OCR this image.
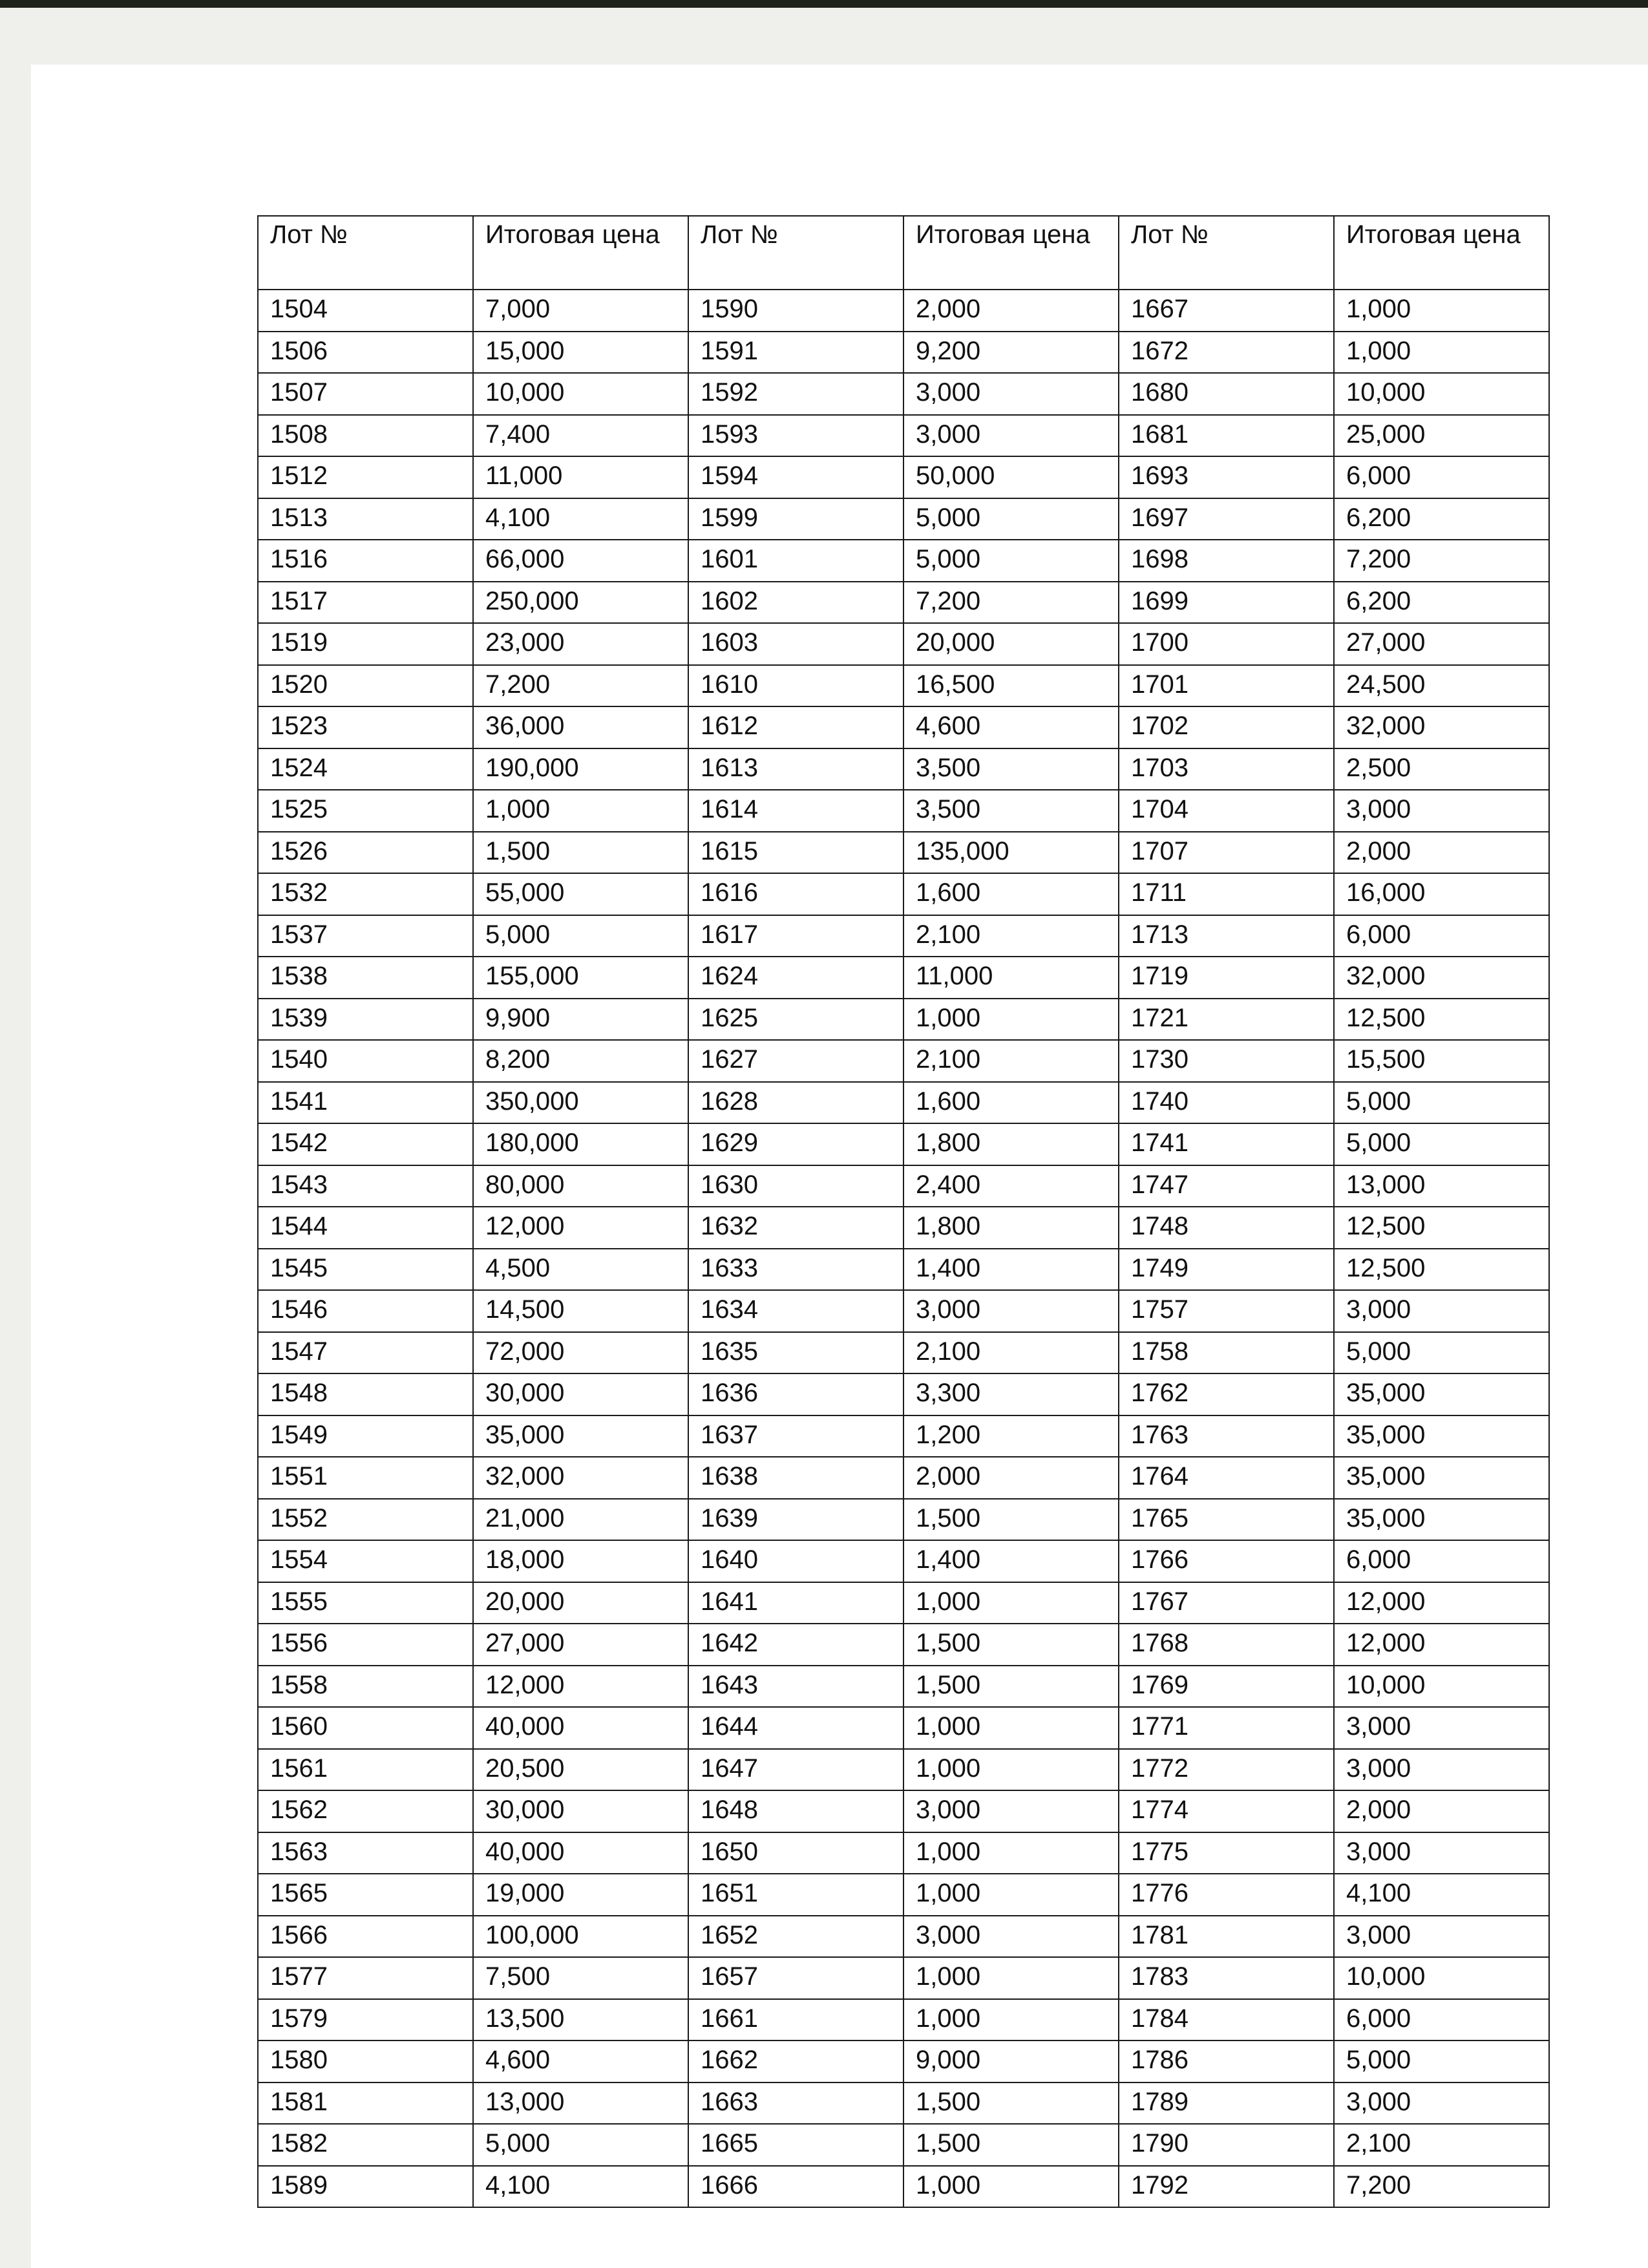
Лот №	Итоговая цена	Лот №	Итоговая цена	Лот №	Итоговая цена
1504	7,000	1590	2,000	1667	1,000
1506	15,000	1591	9,200	1672	1,000
1507	10,000	1592	3,000	1680	10,000
1508	7,400	1593	3,000	1681	25,000
1512	11,000	1594	50,000	1693	6,000
1513	4,100	1599	5,000	1697	6,200
1516	66,000	1601	5,000	1698	7,200
1517	250,000	1602	7,200	1699	6,200
1519	23,000	1603	20,000	1700	27,000
1520	7,200	1610	16,500	1701	24,500
1523	36,000	1612	4,600	1702	32,000
1524	190,000	1613	3,500	1703	2,500
1525	1,000	1614	3,500	1704	3,000
1526	1,500	1615	135,000	1707	2,000
1532	55,000	1616	1,600	1711	16,000
1537	5,000	1617	2,100	1713	6,000
1538	155,000	1624	11,000	1719	32,000
1539	9,900	1625	1,000	1721	12,500
1540	8,200	1627	2,100	1730	15,500
1541	350,000	1628	1,600	1740	5,000
1542	180,000	1629	1,800	1741	5,000
1543	80,000	1630	2,400	1747	13,000
1544	12,000	1632	1,800	1748	12,500
1545	4,500	1633	1,400	1749	12,500
1546	14,500	1634	3,000	1757	3,000
1547	72,000	1635	2,100	1758	5,000
1548	30,000	1636	3,300	1762	35,000
1549	35,000	1637	1,200	1763	35,000
1551	32,000	1638	2,000	1764	35,000
1552	21,000	1639	1,500	1765	35,000
1554	18,000	1640	1,400	1766	6,000
1555	20,000	1641	1,000	1767	12,000
1556	27,000	1642	1,500	1768	12,000
1558	12,000	1643	1,500	1769	10,000
1560	40,000	1644	1,000	1771	3,000
1561	20,500	1647	1,000	1772	3,000
1562	30,000	1648	3,000	1774	2,000
1563	40,000	1650	1,000	1775	3,000
1565	19,000	1651	1,000	1776	4,100
1566	100,000	1652	3,000	1781	3,000
1577	7,500	1657	1,000	1783	10,000
1579	13,500	1661	1,000	1784	6,000
1580	4,600	1662	9,000	1786	5,000
1581	13,000	1663	1,500	1789	3,000
1582	5,000	1665	1,500	1790	2,100
1589	4,100	1666	1,000	1792	7,200
